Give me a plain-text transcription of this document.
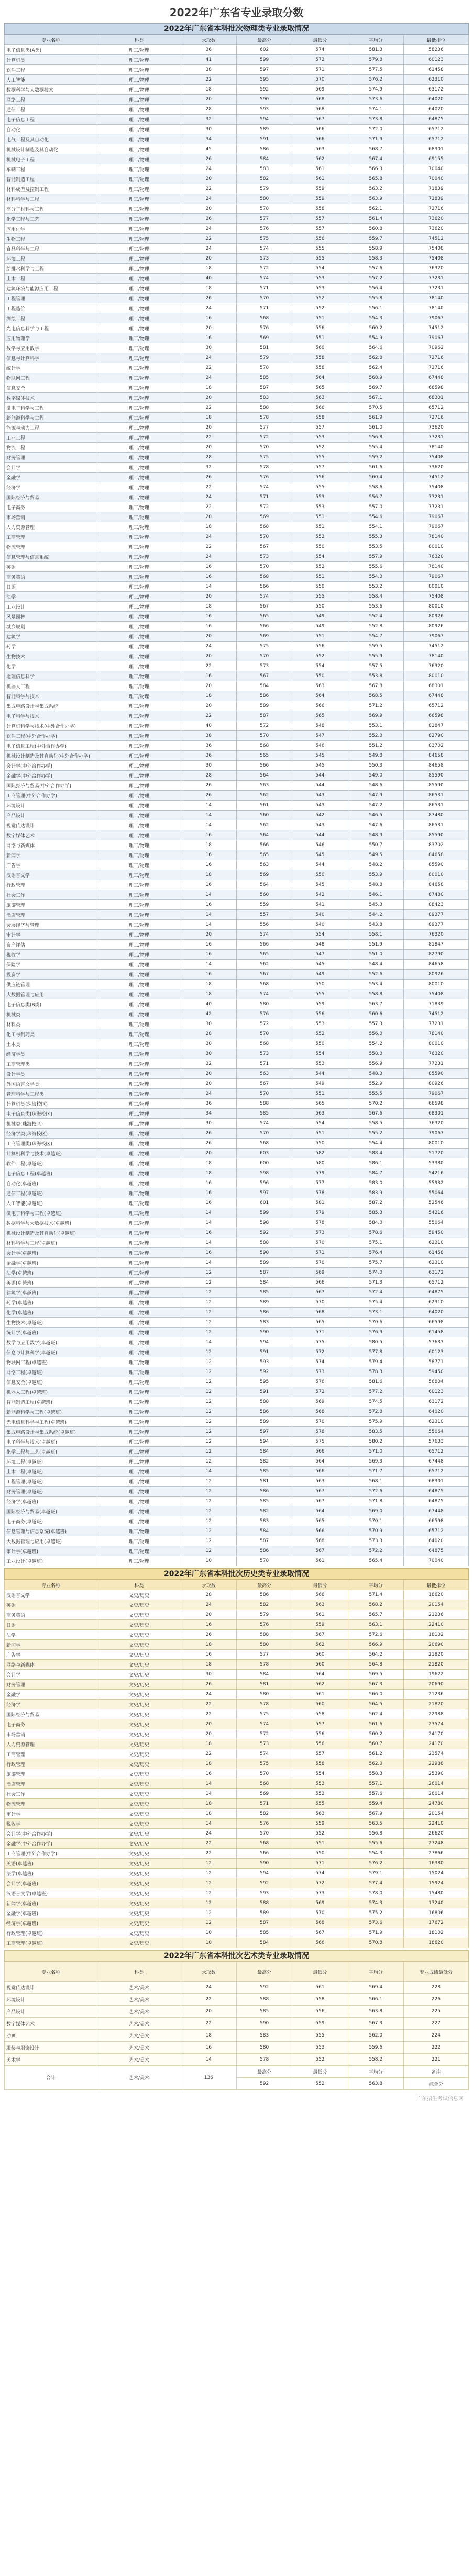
2022年广东省专业录取分数
2022年广东省本科批次物理类专业录取情况
专业名称	科类	录取数	最高分	最低分	平均分	最低排位
电子信息类(A类)	理工/物理	36	602	574	581.3	58236
计算机类	理工/物理	41	599	572	579.8	60123
软件工程	理工/物理	38	597	571	577.5	61458
人工智能	理工/物理	22	595	570	576.2	62310
数据科学与大数据技术	理工/物理	18	592	569	574.9	63172
网络工程	理工/物理	20	590	568	573.6	64020
通信工程	理工/物理	28	593	568	574.1	64020
电子信息工程	理工/物理	32	594	567	573.8	64875
自动化	理工/物理	30	589	566	572.0	65712
电气工程及其自动化	理工/物理	34	591	566	571.9	65712
机械设计制造及其自动化	理工/物理	45	586	563	568.7	68301
机械电子工程	理工/物理	26	584	562	567.4	69155
车辆工程	理工/物理	24	583	561	566.3	70040
智能制造工程	理工/物理	20	582	561	565.8	70040
材料成型及控制工程	理工/物理	22	579	559	563.2	71839
材料科学与工程	理工/物理	24	580	559	563.9	71839
高分子材料与工程	理工/物理	20	578	558	562.1	72716
化学工程与工艺	理工/物理	26	577	557	561.4	73620
应用化学	理工/物理	24	576	557	560.8	73620
生物工程	理工/物理	22	575	556	559.7	74512
食品科学与工程	理工/物理	24	574	555	558.9	75408
环境工程	理工/物理	20	573	555	558.3	75408
给排水科学与工程	理工/物理	18	572	554	557.6	76320
土木工程	理工/物理	40	574	553	557.2	77231
建筑环境与能源应用工程	理工/物理	18	571	553	556.4	77231
工程管理	理工/物理	26	570	552	555.8	78140
工程造价	理工/物理	24	571	552	556.1	78140
测绘工程	理工/物理	16	568	551	554.3	79067
光电信息科学与工程	理工/物理	20	576	556	560.2	74512
应用物理学	理工/物理	16	569	551	554.9	79067
数学与应用数学	理工/物理	30	581	560	564.6	70962
信息与计算科学	理工/物理	24	579	558	562.8	72716
统计学	理工/物理	22	578	558	562.4	72716
物联网工程	理工/物理	24	585	564	568.9	67448
信息安全	理工/物理	18	587	565	569.7	66598
数字媒体技术	理工/物理	20	583	563	567.1	68301
微电子科学与工程	理工/物理	22	588	566	570.5	65712
新能源科学与工程	理工/物理	18	578	558	561.9	72716
能源与动力工程	理工/物理	20	577	557	561.0	73620
工业工程	理工/物理	22	572	553	556.8	77231
物流工程	理工/物理	20	570	552	555.4	78140
财务管理	理工/物理	28	575	555	559.2	75408
会计学	理工/物理	32	578	557	561.6	73620
金融学	理工/物理	26	576	556	560.4	74512
经济学	理工/物理	22	574	555	558.6	75408
国际经济与贸易	理工/物理	24	571	553	556.7	77231
电子商务	理工/物理	22	572	553	557.0	77231
市场营销	理工/物理	20	569	551	554.6	79067
人力资源管理	理工/物理	18	568	551	554.1	79067
工商管理	理工/物理	24	570	552	555.3	78140
物流管理	理工/物理	22	567	550	553.5	80010
信息管理与信息系统	理工/物理	24	573	554	557.9	76320
英语	理工/物理	16	570	552	555.6	78140
商务英语	理工/物理	16	568	551	554.0	79067
日语	理工/物理	14	566	550	553.2	80010
法学	理工/物理	20	574	555	558.4	75408
工业设计	理工/物理	18	567	550	553.6	80010
风景园林	理工/物理	16	565	549	552.4	80926
城乡规划	理工/物理	16	566	549	552.8	80926
建筑学	理工/物理	20	569	551	554.7	79067
药学	理工/物理	24	575	556	559.5	74512
生物技术	理工/物理	20	570	552	555.9	78140
化学	理工/物理	22	573	554	557.5	76320
地理信息科学	理工/物理	16	567	550	553.8	80010
机器人工程	理工/物理	20	584	563	567.8	68301
智能科学与技术	理工/物理	18	586	564	568.5	67448
集成电路设计与集成系统	理工/物理	20	589	566	571.2	65712
电子科学与技术	理工/物理	22	587	565	569.9	66598
计算机科学与技术(中外合作办学)	理工/物理	40	572	548	553.1	81847
软件工程(中外合作办学)	理工/物理	38	570	547	552.0	82790
电子信息工程(中外合作办学)	理工/物理	36	568	546	551.2	83702
机械设计制造及其自动化(中外合作办学)	理工/物理	36	565	545	549.8	84658
会计学(中外合作办学)	理工/物理	30	566	545	550.3	84658
金融学(中外合作办学)	理工/物理	28	564	544	549.0	85590
国际经济与贸易(中外合作办学)	理工/物理	26	563	544	548.6	85590
工商管理(中外合作办学)	理工/物理	26	562	543	547.9	86531
环境设计	理工/物理	14	561	543	547.2	86531
产品设计	理工/物理	14	560	542	546.5	87480
视觉传达设计	理工/物理	14	562	543	547.6	86531
数字媒体艺术	理工/物理	16	564	544	548.9	85590
网络与新媒体	理工/物理	18	566	546	550.7	83702
新闻学	理工/物理	16	565	545	549.5	84658
广告学	理工/物理	16	563	544	548.2	85590
汉语言文学	理工/物理	18	569	550	553.9	80010
行政管理	理工/物理	16	564	545	548.8	84658
社会工作	理工/物理	14	560	542	546.1	87480
旅游管理	理工/物理	16	559	541	545.3	88423
酒店管理	理工/物理	14	557	540	544.2	89377
会展经济与管理	理工/物理	14	556	540	543.8	89377
审计学	理工/物理	20	574	554	558.1	76320
资产评估	理工/物理	16	566	548	551.9	81847
税收学	理工/物理	16	565	547	551.0	82790
保险学	理工/物理	14	562	545	548.4	84658
投资学	理工/物理	16	567	549	552.6	80926
供应链管理	理工/物理	18	568	550	553.4	80010
大数据管理与应用	理工/物理	18	574	555	558.8	75408
电子信息类(B类)	理工/物理	40	580	559	563.7	71839
机械类	理工/物理	42	576	556	560.6	74512
材料类	理工/物理	30	572	553	557.3	77231
化工与制药类	理工/物理	28	570	552	556.0	78140
土木类	理工/物理	30	568	550	554.2	80010
经济学类	理工/物理	30	573	554	558.0	76320
工商管理类	理工/物理	32	571	553	556.9	77231
设计学类	理工/物理	20	563	544	548.3	85590
外国语言文学类	理工/物理	20	567	549	552.9	80926
管理科学与工程类	理工/物理	24	570	551	555.5	79067
计算机类(珠海校区)	理工/物理	36	588	565	570.2	66598
电子信息类(珠海校区)	理工/物理	34	585	563	567.6	68301
机械类(珠海校区)	理工/物理	30	574	554	558.5	76320
经济学类(珠海校区)	理工/物理	26	570	551	555.2	79067
工商管理类(珠海校区)	理工/物理	26	568	550	554.4	80010
计算机科学与技术(卓越班)	理工/物理	20	603	582	588.4	51720
软件工程(卓越班)	理工/物理	18	600	580	586.1	53380
电子信息工程(卓越班)	理工/物理	18	598	579	584.7	54216
自动化(卓越班)	理工/物理	16	596	577	583.0	55932
通信工程(卓越班)	理工/物理	16	597	578	583.9	55064
人工智能(卓越班)	理工/物理	16	601	581	587.2	52546
微电子科学与工程(卓越班)	理工/物理	14	599	579	585.3	54216
数据科学与大数据技术(卓越班)	理工/物理	14	598	578	584.0	55064
机械设计制造及其自动化(卓越班)	理工/物理	16	592	573	578.6	59450
材料科学与工程(卓越班)	理工/物理	14	588	570	575.1	62310
会计学(卓越班)	理工/物理	16	590	571	576.4	61458
金融学(卓越班)	理工/物理	14	589	570	575.7	62310
法学(卓越班)	理工/物理	12	587	569	574.0	63172
英语(卓越班)	理工/物理	12	584	566	571.3	65712
建筑学(卓越班)	理工/物理	12	585	567	572.4	64875
药学(卓越班)	理工/物理	12	589	570	575.4	62310
化学(卓越班)	理工/物理	12	586	568	573.1	64020
生物技术(卓越班)	理工/物理	12	583	565	570.6	66598
统计学(卓越班)	理工/物理	12	590	571	576.9	61458
数学与应用数学(卓越班)	理工/物理	14	594	575	580.5	57633
信息与计算科学(卓越班)	理工/物理	12	591	572	577.8	60123
物联网工程(卓越班)	理工/物理	12	593	574	579.4	58771
网络工程(卓越班)	理工/物理	12	592	573	578.3	59450
信息安全(卓越班)	理工/物理	12	595	576	581.6	56804
机器人工程(卓越班)	理工/物理	12	591	572	577.2	60123
智能制造工程(卓越班)	理工/物理	12	588	569	574.5	63172
新能源科学与工程(卓越班)	理工/物理	12	586	568	572.8	64020
光电信息科学与工程(卓越班)	理工/物理	12	589	570	575.9	62310
集成电路设计与集成系统(卓越班)	理工/物理	12	597	578	583.5	55064
电子科学与技术(卓越班)	理工/物理	12	594	575	580.2	57633
化学工程与工艺(卓越班)	理工/物理	12	584	566	571.0	65712
环境工程(卓越班)	理工/物理	12	582	564	569.3	67448
土木工程(卓越班)	理工/物理	14	585	566	571.7	65712
工程管理(卓越班)	理工/物理	12	581	563	568.1	68301
财务管理(卓越班)	理工/物理	12	586	567	572.6	64875
经济学(卓越班)	理工/物理	12	585	567	571.8	64875
国际经济与贸易(卓越班)	理工/物理	12	582	564	569.0	67448
电子商务(卓越班)	理工/物理	12	583	565	570.1	66598
信息管理与信息系统(卓越班)	理工/物理	12	584	566	570.9	65712
大数据管理与应用(卓越班)	理工/物理	12	587	568	573.3	64020
审计学(卓越班)	理工/物理	12	586	567	572.2	64875
工业设计(卓越班)	理工/物理	10	578	561	565.4	70040
2022年广东省本科批次历史类专业录取情况
专业名称	科类	录取数	最高分	最低分	平均分	最低排位
汉语言文学	文史/历史	28	586	566	571.4	18620
英语	文史/历史	24	582	563	568.2	20154
商务英语	文史/历史	20	579	561	565.7	21236
日语	文史/历史	16	576	559	563.1	22410
法学	文史/历史	26	588	567	572.6	18102
新闻学	文史/历史	18	580	562	566.9	20690
广告学	文史/历史	16	577	560	564.2	21820
网络与新媒体	文史/历史	18	578	560	564.8	21820
会计学	文史/历史	30	584	564	569.5	19622
财务管理	文史/历史	26	581	562	567.3	20690
金融学	文史/历史	24	580	561	566.0	21236
经济学	文史/历史	22	578	560	564.5	21820
国际经济与贸易	文史/历史	22	575	558	562.4	22988
电子商务	文史/历史	20	574	557	561.6	23574
市场营销	文史/历史	20	572	556	560.2	24170
人力资源管理	文史/历史	18	573	556	560.7	24170
工商管理	文史/历史	22	574	557	561.2	23574
行政管理	文史/历史	18	575	558	562.0	22988
旅游管理	文史/历史	16	570	554	558.3	25390
酒店管理	文史/历史	14	568	553	557.1	26014
社会工作	文史/历史	14	569	553	557.6	26014
物流管理	文史/历史	18	571	555	559.4	24780
审计学	文史/历史	18	582	563	567.9	20154
税收学	文史/历史	14	576	559	563.5	22410
会计学(中外合作办学)	文史/历史	24	570	552	556.8	26620
金融学(中外合作办学)	文史/历史	22	568	551	555.6	27248
工商管理(中外合作办学)	文史/历史	22	566	550	554.3	27866
英语(卓越班)	文史/历史	12	590	571	576.2	16380
法学(卓越班)	文史/历史	12	594	574	579.1	15024
会计学(卓越班)	文史/历史	12	592	572	577.4	15924
汉语言文学(卓越班)	文史/历史	12	593	573	578.0	15480
新闻学(卓越班)	文史/历史	12	588	569	574.3	17240
金融学(卓越班)	文史/历史	12	589	570	575.2	16806
经济学(卓越班)	文史/历史	12	587	568	573.6	17672
行政管理(卓越班)	文史/历史	10	585	567	571.9	18102
工商管理(卓越班)	文史/历史	10	584	566	570.8	18620
2022年广东省本科批次艺术类专业录取情况
专业名称	科类	录取数	最高分	最低分	平均分	专业成绩最低分
视觉传达设计	艺术/美术	24	592	561	569.4	228
环境设计	艺术/美术	22	588	558	566.1	226
产品设计	艺术/美术	20	585	556	563.8	225
数字媒体艺术	艺术/美术	22	590	559	567.3	227
动画	艺术/美术	18	583	555	562.0	224
服装与服饰设计	艺术/美术	16	580	553	559.6	222
美术学	艺术/美术	14	578	552	558.2	221
合计	艺术/美术	136	最高分	最低分	平均分	备注
			592	552	563.8	综合分
广东招生考试信息网
